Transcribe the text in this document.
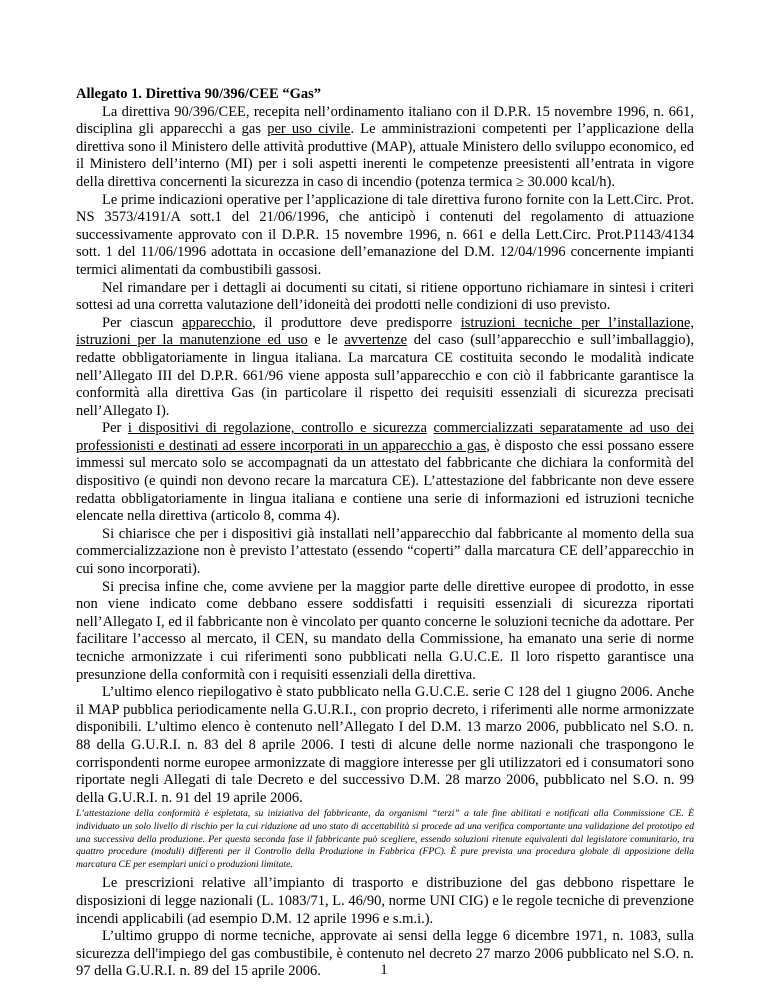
Allegato 1. Direttiva 90/396/CEE “Gas”

La direttiva 90/396/CEE, recepita nell’ordinamento italiano con il D.P.R. 15 novembre 1996, n. 661, disciplina gli apparecchi a gas per uso civile. Le amministrazioni competenti per l’applicazione della direttiva sono il Ministero delle attività produttive (MAP), attuale Ministero dello sviluppo economico, ed il Ministero dell’interno (MI) per i soli aspetti inerenti le competenze preesistenti all’entrata in vigore della direttiva concernenti la sicurezza in caso di incendio (potenza termica ≥ 30.000 kcal/h).

Le prime indicazioni operative per l’applicazione di tale direttiva furono fornite con la Lett.Circ. Prot. NS 3573/4191/A sott.1 del 21/06/1996, che anticipò i contenuti del regolamento di attuazione successivamente approvato con il D.P.R. 15 novembre 1996, n. 661 e della Lett.Circ. Prot.P1143/4134 sott. 1 del 11/06/1996 adottata in occasione dell’emanazione del D.M. 12/04/1996 concernente impianti termici alimentati da combustibili gassosi.

Nel rimandare per i dettagli ai documenti su citati, si ritiene opportuno richiamare in sintesi i criteri sottesi ad una corretta valutazione dell’idoneità dei prodotti nelle condizioni di uso previsto.

Per ciascun apparecchio, il produttore deve predisporre istruzioni tecniche per l’installazione, istruzioni per la manutenzione ed uso e le avvertenze del caso (sull’apparecchio e sull’imballaggio), redatte obbligatoriamente in lingua italiana. La marcatura CE costituita secondo le modalità indicate nell’Allegato III del D.P.R. 661/96 viene apposta sull’apparecchio e con ciò il fabbricante garantisce la conformità alla direttiva Gas (in particolare il rispetto dei requisiti essenziali di sicurezza precisati nell’Allegato I).

Per i dispositivi di regolazione, controllo e sicurezza commercializzati separatamente ad uso dei professionisti e destinati ad essere incorporati in un apparecchio a gas, è disposto che essi possano essere immessi sul mercato solo se accompagnati da un attestato del fabbricante che dichiara la conformità del dispositivo (e quindi non devono recare la marcatura CE). L’attestazione del fabbricante non deve essere redatta obbligatoriamente in lingua italiana e contiene una serie di informazioni ed istruzioni tecniche elencate nella direttiva (articolo 8, comma 4).

Si chiarisce che per i dispositivi già installati nell’apparecchio dal fabbricante al momento della sua commercializzazione non è previsto l’attestato (essendo “coperti” dalla marcatura CE dell’apparecchio in cui sono incorporati).

Si precisa infine che, come avviene per la maggior parte delle direttive europee di prodotto, in esse non viene indicato come debbano essere soddisfatti i requisiti essenziali di sicurezza riportati nell’Allegato I, ed il fabbricante non è vincolato per quanto concerne le soluzioni tecniche da adottare. Per facilitare l’accesso al mercato, il CEN, su mandato della Commissione, ha emanato una serie di norme tecniche armonizzate i cui riferimenti sono pubblicati nella G.U.C.E. Il loro rispetto garantisce una presunzione della conformità con i requisiti essenziali della direttiva.

L’ultimo elenco riepilogativo è stato pubblicato nella G.U.C.E. serie C 128 del 1 giugno 2006. Anche il MAP pubblica periodicamente nella G.U.R.I., con proprio decreto, i riferimenti alle norme armonizzate disponibili. L’ultimo elenco è contenuto nell’Allegato I del D.M. 13 marzo 2006, pubblicato nel S.O. n. 88 della G.U.R.I. n. 83 del 8 aprile 2006. I testi di alcune delle norme nazionali che traspongono le corrispondenti norme europee armonizzate di maggiore interesse per gli utilizzatori ed i consumatori sono riportate negli Allegati di tale Decreto e del successivo D.M. 28 marzo 2006, pubblicato nel S.O. n. 99 della G.U.R.I. n. 91 del 19 aprile 2006.

L’attestazione della conformità è espletata, su iniziativa del fabbricante, da organismi “terzi” a tale fine abilitati e notificati alla Commissione CE. È individuato un solo livello di rischio per la cui riduzione ad uno stato di accettabilità si procede ad una verifica comportante una validazione del prototipo ed una successiva della produzione. Per questa seconda fase il fabbricante può scegliere, essendo soluzioni ritenute equivalenti dal legislatore comunitario, tra quattro procedure (moduli) differenti per il Controllo della Produzione in Fabbrica (FPC). È pure prevista una procedura globale di apposizione della marcatura CE per esemplari unici o produzioni limitate.

Le prescrizioni relative all’impianto di trasporto e distribuzione del gas debbono rispettare le disposizioni di legge nazionali (L. 1083/71, L. 46/90, norme UNI CIG) e le regole tecniche di prevenzione incendi applicabili (ad esempio D.M. 12 aprile 1996 e s.m.i.).

L’ultimo gruppo di norme tecniche, approvate ai sensi della legge 6 dicembre 1971, n. 1083, sulla sicurezza dell'impiego del gas combustibile, è contenuto nel decreto 27 marzo 2006 pubblicato nel S.O. n. 97 della G.U.R.I. n. 89 del 15 aprile 2006.	1
